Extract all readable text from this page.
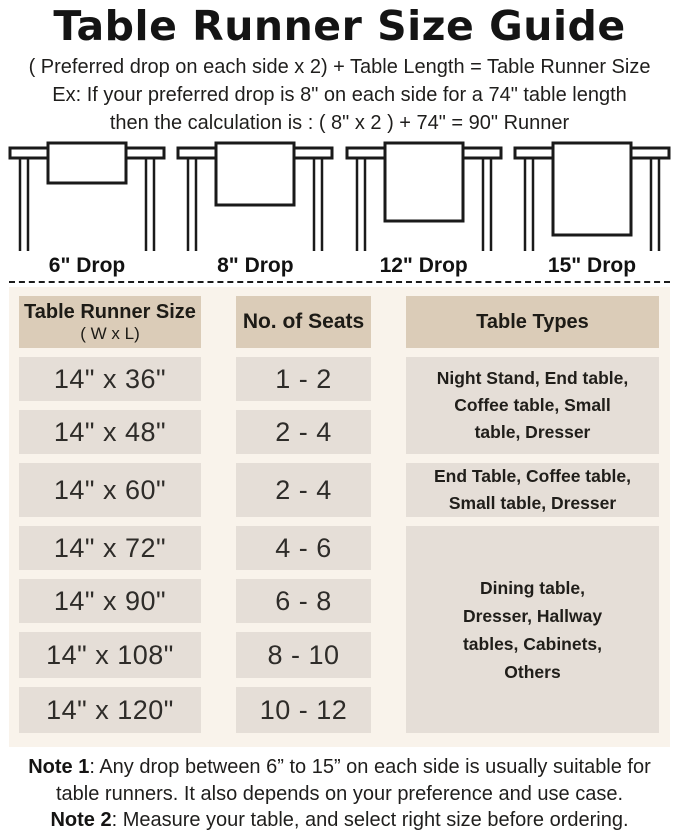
Table Runner Size Guide
( Preferred drop on each side x 2) + Table Length = Table Runner Size
Ex: If your preferred drop is 8" on each side for a 74" table length
then the calculation is : ( 8" x 2 ) + 74" = 90" Runner
6" Drop	8" Drop	12" Drop	15" Drop
Table Runner Size
( W x L)
No. of Seats	Table Types
14" x 36"	1 - 2	Night Stand, End table,
Coffee table, Small
table, Dresser
14" x 48"	2 - 4
14" x 60"	2 - 4	End Table, Coffee table,
Small table, Dresser
14" x 72"	4 - 6
Dining table,
Dresser, Hallway
tables, Cabinets,
Others
14" x 90"	6 - 8
14" x 108"	8 - 10
14" x 120"	10 - 12
Note 1: Any drop between 6” to 15” on each side is usually suitable for
table runners. It also depends on your preference and use case.
Note 2: Measure your table, and select right size before ordering.
